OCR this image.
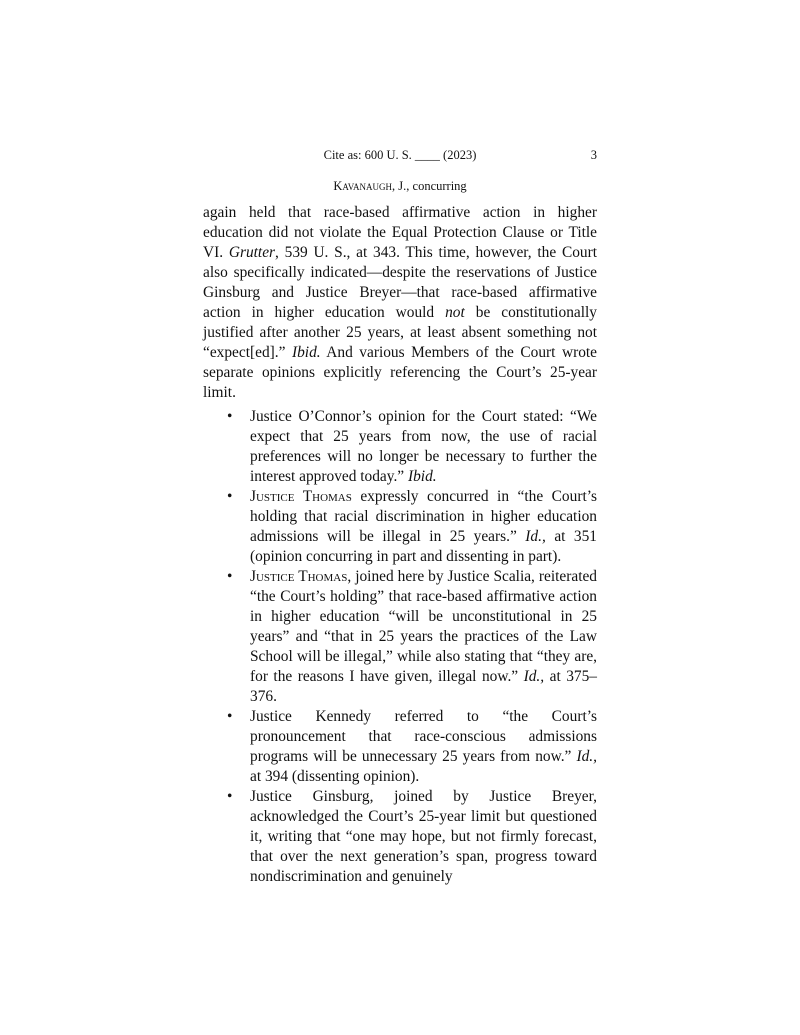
Cite as: 600 U. S. ____ (2023)	3
Kavanaugh, J., concurring

again held that race-based affirmative action in higher education did not violate the Equal Protection Clause or Title VI. Grutter, 539 U. S., at 343. This time, however, the Court also specifically indicated—despite the reservations of Justice Ginsburg and Justice Breyer—that race-based affirmative action in higher education would not be constitutionally justified after another 25 years, at least absent something not “expect[ed].” Ibid. And various Members of the Court wrote separate opinions explicitly referencing the Court’s 25-year limit.

• Justice O’Connor’s opinion for the Court stated: “We expect that 25 years from now, the use of racial preferences will no longer be necessary to further the interest approved today.” Ibid.
• Justice Thomas expressly concurred in “the Court’s holding that racial discrimination in higher education admissions will be illegal in 25 years.” Id., at 351 (opinion concurring in part and dissenting in part).
• Justice Thomas, joined here by Justice Scalia, reiterated “the Court’s holding” that race-based affirmative action in higher education “will be unconstitutional in 25 years” and “that in 25 years the practices of the Law School will be illegal,” while also stating that “they are, for the reasons I have given, illegal now.” Id., at 375–376.
• Justice Kennedy referred to “the Court’s pronouncement that race-conscious admissions programs will be unnecessary 25 years from now.” Id., at 394 (dissenting opinion).
• Justice Ginsburg, joined by Justice Breyer, acknowledged the Court’s 25-year limit but questioned it, writing that “one may hope, but not firmly forecast, that over the next generation’s span, progress toward nondiscrimination and genuinely
